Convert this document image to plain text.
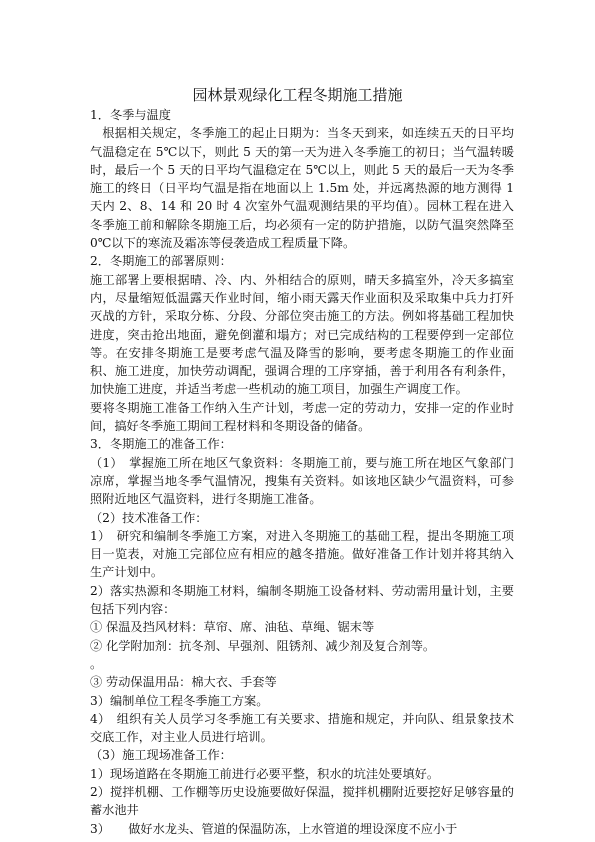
园林景观绿化工程冬期施工措施

1．冬季与温度

根据相关规定，冬季施工的起止日期为：当冬天到来，如连续五天的日平均气温稳定在 5℃以下，则此 5 天的第一天为进入冬季施工的初日；当气温转暖时，最后一个 5 天的日平均气温稳定在 5℃以上，则此 5 天的最后一天为冬季施工的终日（日平均气温是指在地面以上 1.5m 处，并远离热源的地方测得 1 天内 2、8、14 和 20 时 4 次室外气温观测结果的平均值）。园林工程在进入冬季施工前和解除冬期施工后，均必须有一定的防护措施，以防气温突然降至 0℃以下的寒流及霜冻等侵袭造成工程质量下降。

2．冬期施工的部署原则：

施工部署上要根据晴、冷、内、外相结合的原则，晴天多搞室外，冷天多搞室内，尽量缩短低温露天作业时间，缩小雨天露天作业面积及采取集中兵力打歼灭战的方针，采取分栋、分段、分部位突击施工的方法。例如将基础工程加快进度，突击抢出地面，避免倒灌和塌方；对已完成结构的工程要停到一定部位等。在安排冬期施工是要考虑气温及降雪的影响，要考虑冬期施工的作业面积、施工进度，加快劳动调配，强调合理的工序穿插，善于利用各有利条件，加快施工进度，并适当考虑一些机动的施工项目，加强生产调度工作。

要将冬期施工准备工作纳入生产计划，考虑一定的劳动力，安排一定的作业时间，搞好冬季施工期间工程材料和冬期设备的储备。

3．冬期施工的准备工作：

（1）　掌握施工所在地区气象资料：冬期施工前，要与施工所在地区气象部门凉席，掌握当地冬季气温情况，搜集有关资料。如该地区缺少气温资料，可参照附近地区气温资料，进行冬期施工准备。

（2）技术准备工作：

1）　研究和编制冬季施工方案，对进入冬期施工的基础工程，提出冬期施工项目一览表，对施工完部位应有相应的越冬措施。做好准备工作计划并将其纳入生产计划中。

2）落实热源和冬期施工材料，编制冬期施工设备材料、劳动需用量计划，主要包括下列内容：

① 保温及挡风材料：草帘、席、油毡、草绳、锯末等

② 化学附加剂：抗冬剂、早强剂、阻锈剂、减少剂及复合剂等。

。

③ 劳动保温用品：棉大衣、手套等

3）编制单位工程冬季施工方案。

4）　组织有关人员学习冬季施工有关要求、措施和规定，并向队、组景象技术交底工作，对主业人员进行培训。

（3）施工现场准备工作：

1）现场道路在冬期施工前进行必要平整，积水的坑洼处要填好。

2）搅拌机棚、工作棚等历史设施要做好保温，搅拌机棚附近要挖好足够容量的蓄水池井

3）　　做好水龙头、管道的保温防冻，上水管道的埋设深度不应小于
